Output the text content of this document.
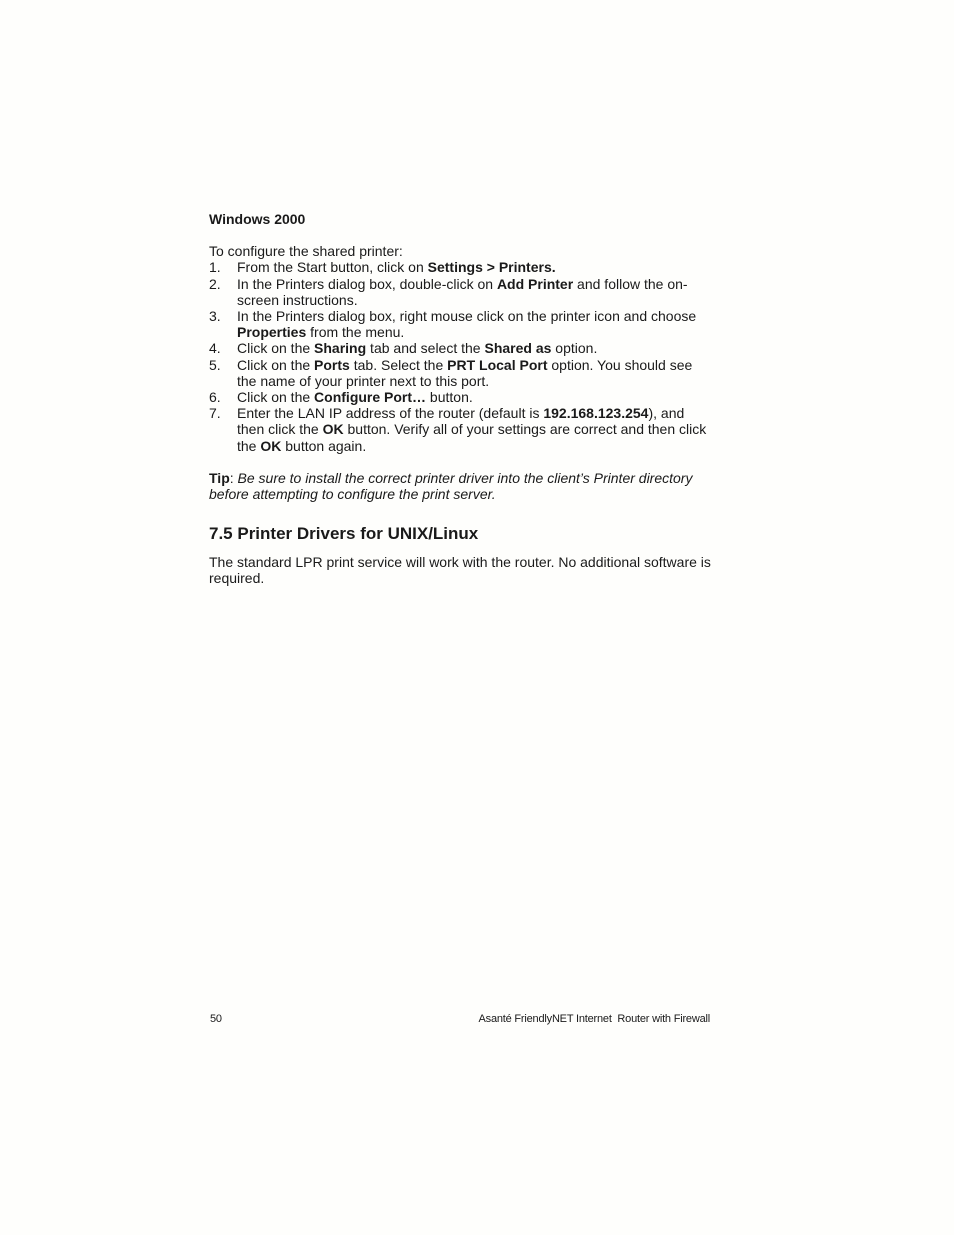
Windows 2000

To configure the shared printer:

1. From the Start button, click on Settings > Printers.
2. In the Printers dialog box, double-click on Add Printer and follow the on-screen instructions.
3. In the Printers dialog box, right mouse click on the printer icon and choose Properties from the menu.
4. Click on the Sharing tab and select the Shared as option.
5. Click on the Ports tab. Select the PRT Local Port option. You should see the name of your printer next to this port.
6. Click on the Configure Port… button.
7. Enter the LAN IP address of the router (default is 192.168.123.254), and then click the OK button. Verify all of your settings are correct and then click the OK button again.

Tip: Be sure to install the correct printer driver into the client’s Printer directory before attempting to configure the print server.

7.5 Printer Drivers for UNIX/Linux

The standard LPR print service will work with the router. No additional software is required.

50	Asanté FriendlyNET Internet  Router with Firewall
